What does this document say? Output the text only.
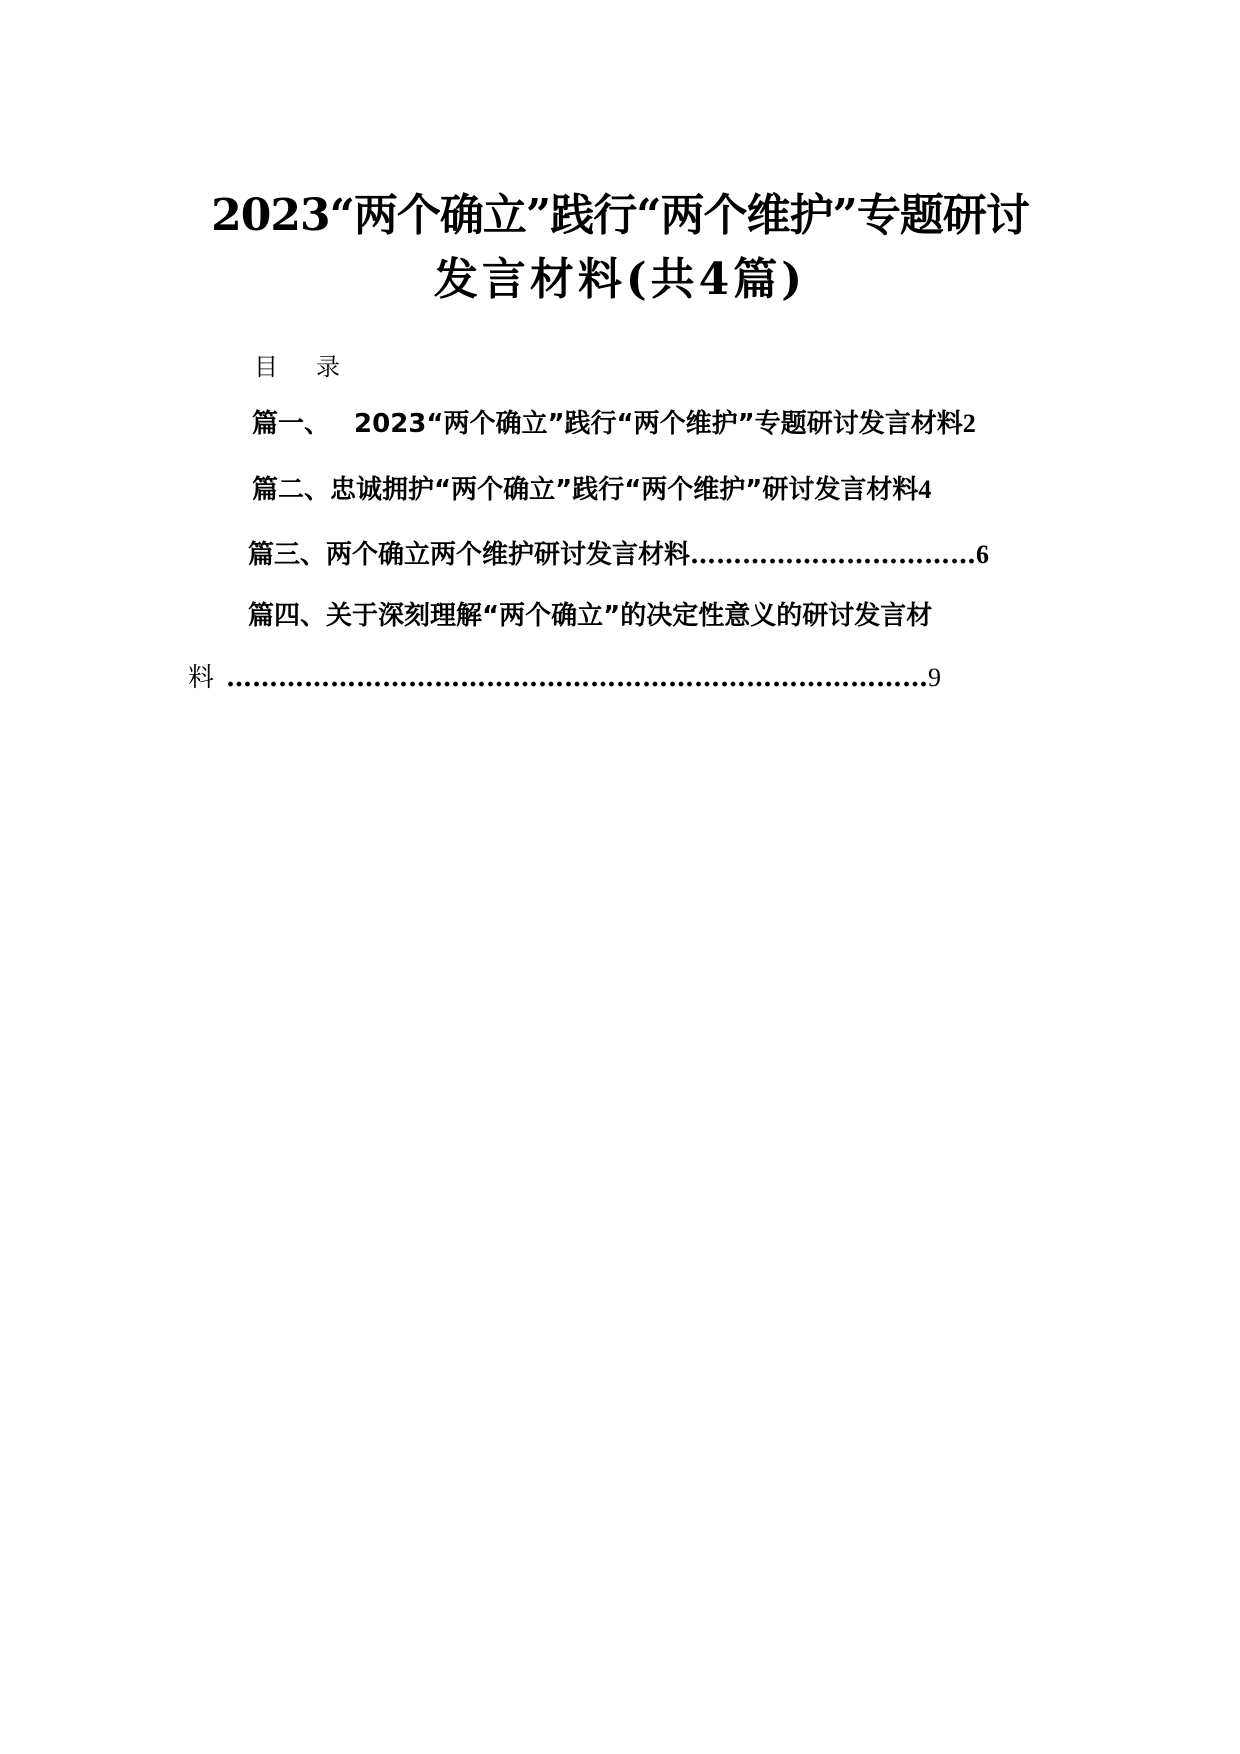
2023“两个确立”践行“两个维护”专题研讨
发言材料(共4篇)
目 录
篇一、 2023“两个确立”践行“两个维护”专题研讨发言材料2
篇二、忠诚拥护“两个确立”践行“两个维护”研讨发言材料4
篇三、两个确立两个维护研讨发言材料……………………………6
篇四、关于深刻理解“两个确立”的决定性意义的研讨发言材
料 ………………………………………………………………………9
